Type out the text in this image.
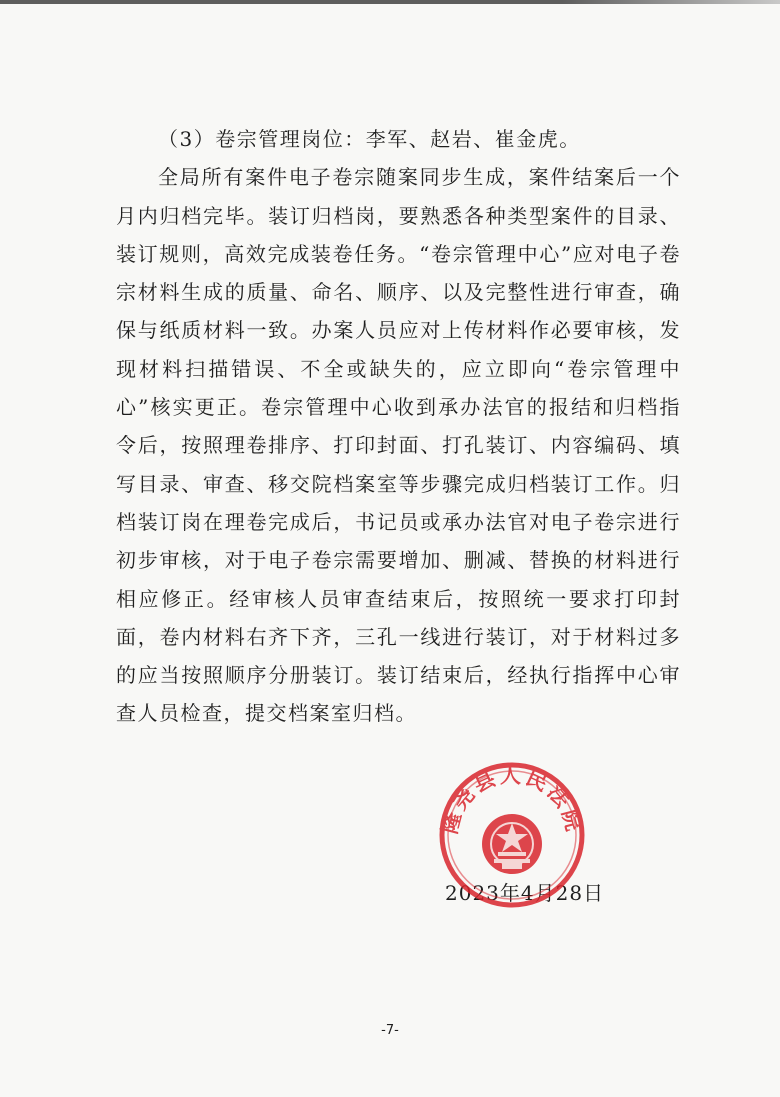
（3）卷宗管理岗位：李军、赵岩、崔金虎。

全局所有案件电子卷宗随案同步生成，案件结案后一个月内归档完毕。装订归档岗，要熟悉各种类型案件的目录、装订规则，高效完成装卷任务。“卷宗管理中心”应对电子卷宗材料生成的质量、命名、顺序、以及完整性进行审查，确保与纸质材料一致。办案人员应对上传材料作必要审核，发现材料扫描错误、不全或缺失的，应立即向“卷宗管理中心”核实更正。卷宗管理中心收到承办法官的报结和归档指令后，按照理卷排序、打印封面、打孔装订、内容编码、填写目录、审查、移交院档案室等步骤完成归档装订工作。归档装订岗在理卷完成后，书记员或承办法官对电子卷宗进行初步审核，对于电子卷宗需要增加、删减、替换的材料进行相应修正。经审核人员审查结束后，按照统一要求打印封面，卷内材料右齐下齐，三孔一线进行装订，对于材料过多的应当按照顺序分册装订。装订结束后，经执行指挥中心审查人员检查，提交档案室归档。

2023年4月28日
隆尧县人民法院
-7-
